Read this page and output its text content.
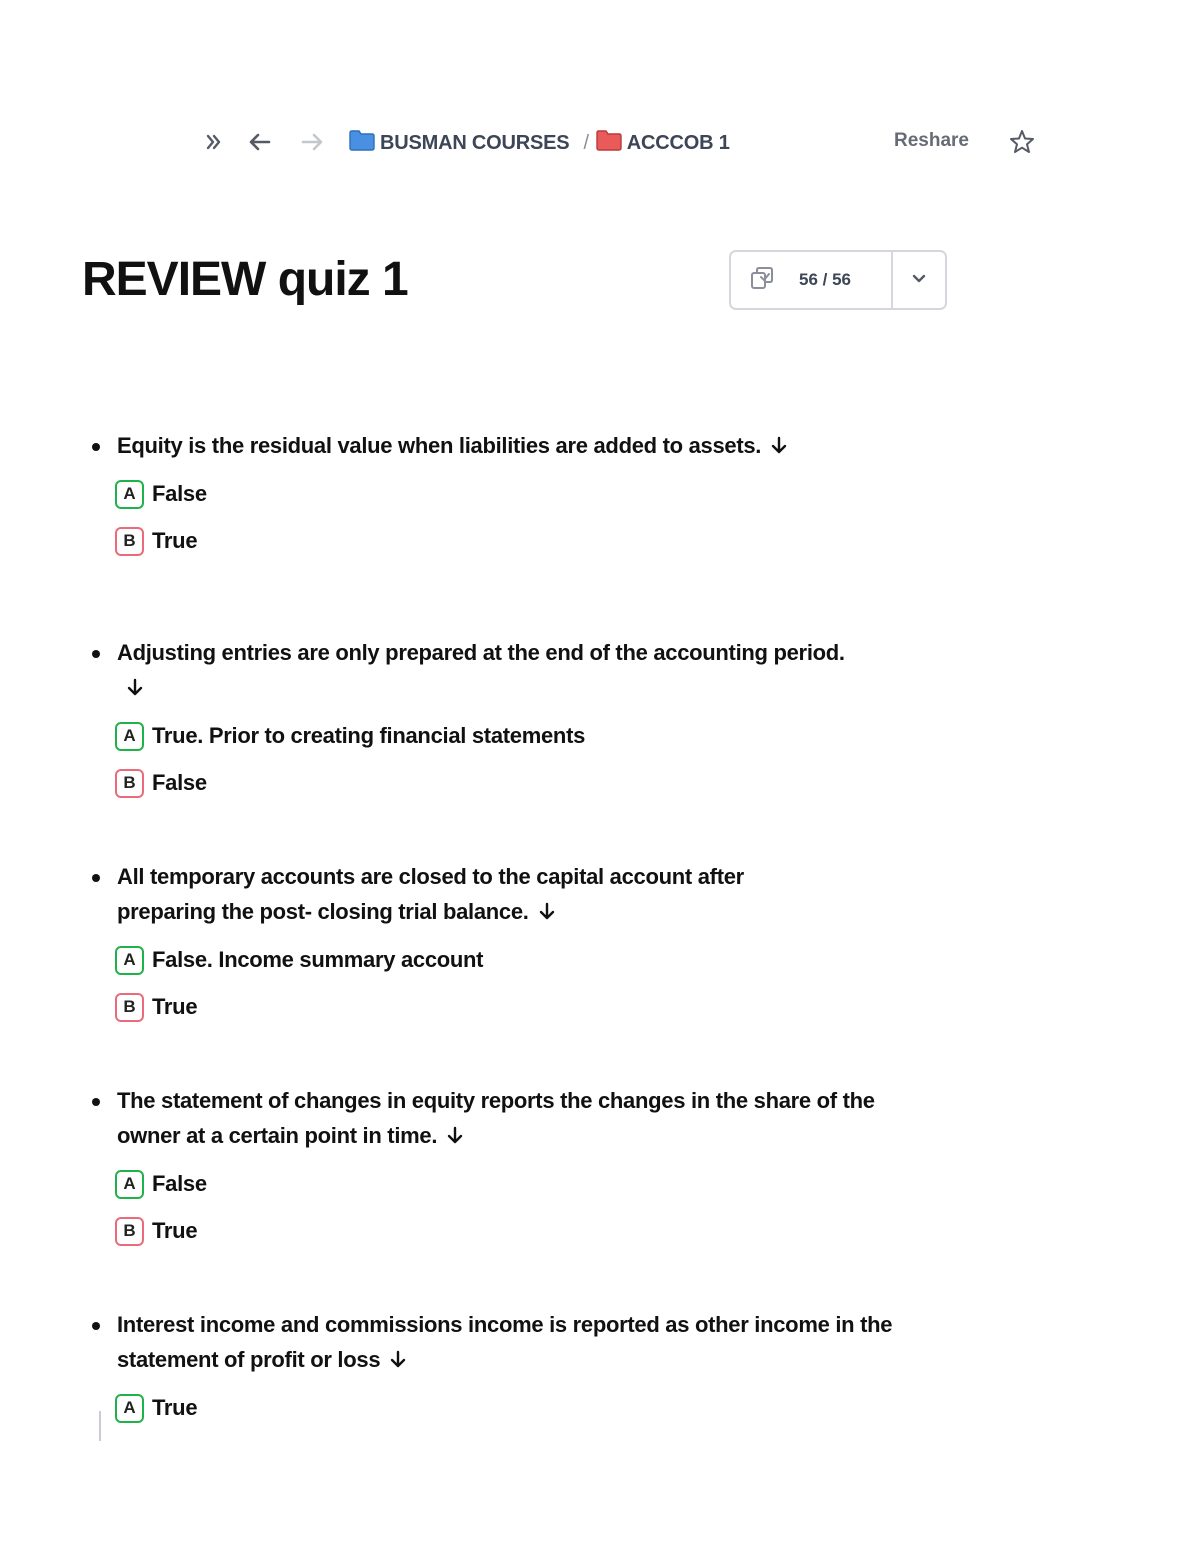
BUSMAN COURSES / ACCCOB 1	Reshare
REVIEW quiz 1	56 / 56
Equity is the residual value when liabilities are added to assets.
A False
B True
Adjusting entries are only prepared at the end of the accounting period.
A True. Prior to creating financial statements
B False
All temporary accounts are closed to the capital account after preparing the post- closing trial balance.
A False. Income summary account
B True
The statement of changes in equity reports the changes in the share of the owner at a certain point in time.
A False
B True
Interest income and commissions income is reported as other income in the statement of profit or loss
A True
